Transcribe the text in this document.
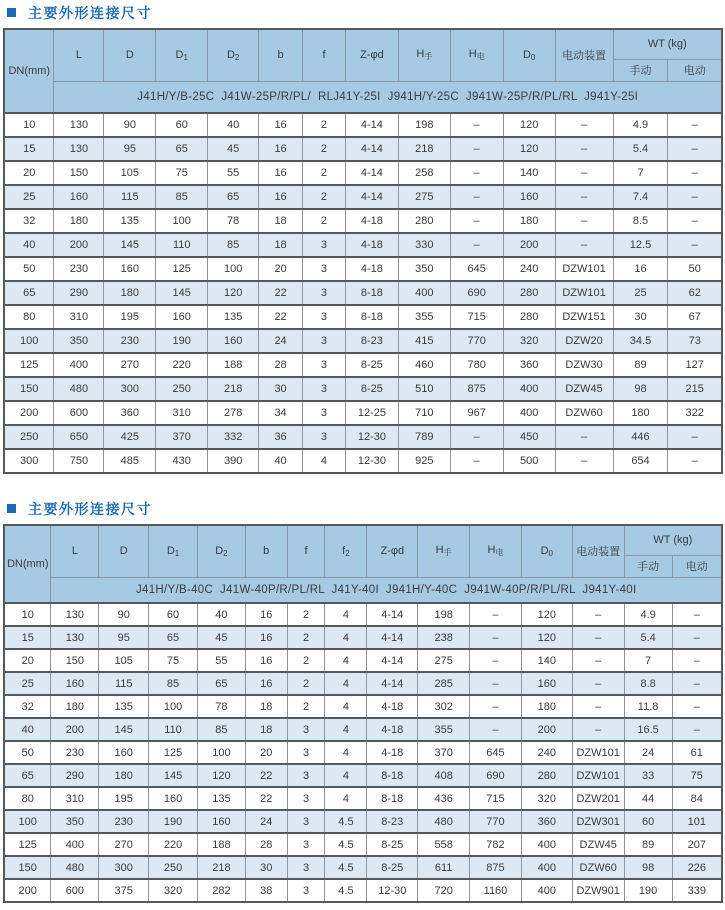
主要外形连接尺寸
DN(mm)	L	D	$D_1$	$D_2$	b	f	Z-φd	$H_手$	$H_电$	$D_0$	电动装置	WT (kg)	
												手动	电动
	J41H/Y/B-25C  J41W-25P/R/PL/  RLJ41Y-25I  J941H/Y-25C  J941W-25P/R/PL/RL  J941Y-25I												
10	130	90	60	40	16	2	4-14	198	–	120	–	4.9	–
15	130	95	65	45	16	2	4-14	218	–	120	–	5.4	–
20	150	105	75	55	16	2	4-14	258	–	140	–	7	–
25	160	115	85	65	16	2	4-14	275	–	160	–	7.4	–
32	180	135	100	78	18	2	4-18	280	–	180	–	8.5	–
40	200	145	110	85	18	3	4-18	330	–	200	–	12.5	–
50	230	160	125	100	20	3	4-18	350	645	240	DZW101	16	50
65	290	180	145	120	22	3	8-18	400	690	280	DZW101	25	62
80	310	195	160	135	22	3	8-18	355	715	280	DZW151	30	67
100	350	230	190	160	24	3	8-23	415	770	320	DZW20	34.5	73
125	400	270	220	188	28	3	8-25	460	780	360	DZW30	89	127
150	480	300	250	218	30	3	8-25	510	875	400	DZW45	98	215
200	600	360	310	278	34	3	12-25	710	967	400	DZW60	180	322
250	650	425	370	332	36	3	12-30	789	–	450	–	446	–
300	750	485	430	390	40	4	12-30	925	–	500	–	654	–
主要外形连接尺寸
DN(mm)	L	D	$D_1$	$D_2$	b	f	$f_2$	Z-φd	$H_手$	$H_电$	$D_0$	电动装置	WT (kg)	
													手动	电动
	J41H/Y/B-40C  J41W-40P/R/PL/RL  J41Y-40I  J941H/Y-40C  J941W-40P/R/PL/RL  J941Y-40I													
10	130	90	60	40	16	2	4	4-14	198	–	120	–	4.9	–
15	130	95	65	45	16	2	4	4-14	238	–	120	–	5.4	–
20	150	105	75	55	16	2	4	4-14	275	–	140	–	7	–
25	160	115	85	65	16	2	4	4-14	285	–	160	–	8.8	–
32	180	135	100	78	18	2	4	4-18	302	–	180	–	11.8	–
40	200	145	110	85	18	3	4	4-18	355	–	200	–	16.5	–
50	230	160	125	100	20	3	4	4-18	370	645	240	DZW101	24	61
65	290	180	145	120	22	3	4	8-18	408	690	280	DZW101	33	75
80	310	195	160	135	22	3	4	8-18	436	715	320	DZW201	44	84
100	350	230	190	160	24	3	4.5	8-23	480	770	360	DZW301	60	101
125	400	270	220	188	28	3	4.5	8-25	558	782	400	DZW45	89	207
150	480	300	250	218	30	3	4.5	8-25	611	875	400	DZW60	98	226
200	600	375	320	282	38	3	4.5	12-30	720	1160	400	DZW901	190	339
